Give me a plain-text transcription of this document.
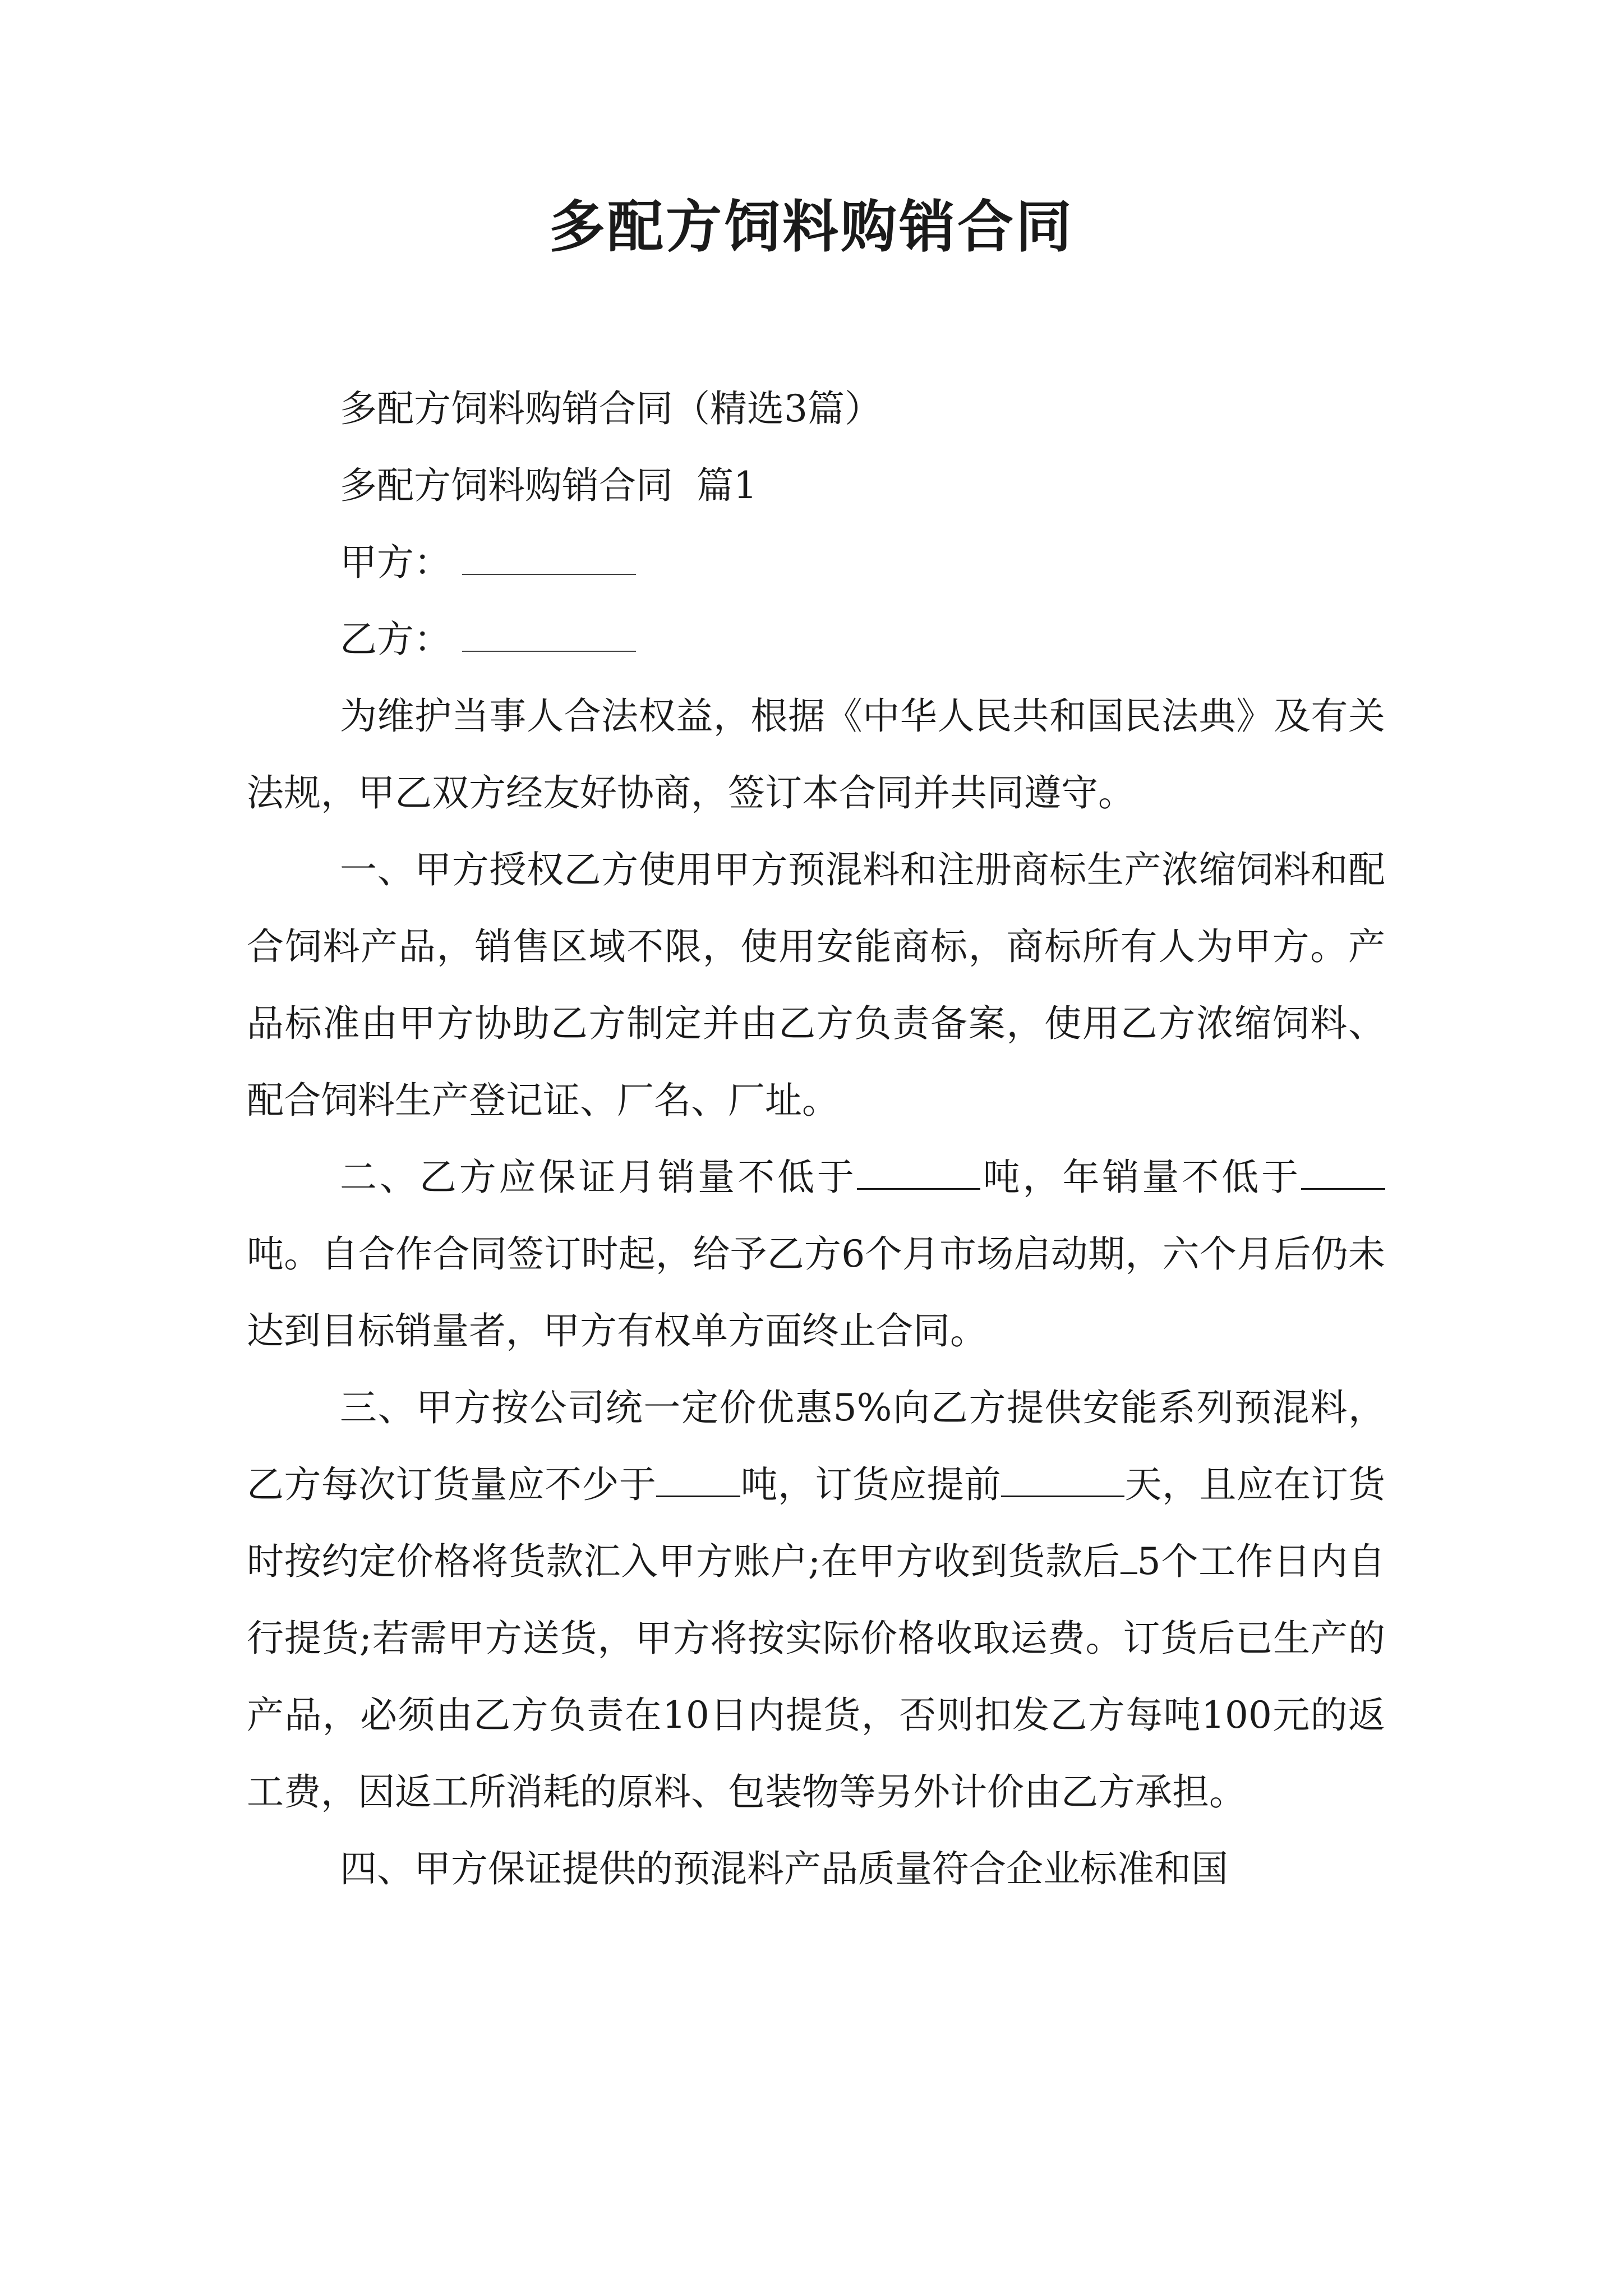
多配方饲料购销合同

多配方饲料购销合同（精选3篇）

多配方饲料购销合同  篇1

甲方：

乙方：

为维护当事人合法权益，根据《中华人民共和国民法典》及有关法规，甲乙双方经友好协商，签订本合同并共同遵守。

一、甲方授权乙方使用甲方预混料和注册商标生产浓缩饲料和配合饲料产品，销售区域不限，使用安能商标，商标所有人为甲方。产品标准由甲方协助乙方制定并由乙方负责备案，使用乙方浓缩饲料、配合饲料生产登记证、厂名、厂址。

二、乙方应保证月销量不低于	吨，年销量不低于吨。自合作合同签订时起，给予乙方6个月市场启动期，六个月后仍未达到目标销量者，甲方有权单方面终止合同。

三、甲方按公司统一定价优惠5%向乙方提供安能系列预混料，乙方每次订货量应不少于 吨，订货应提前	天，且应在订货时按约定价格将货款汇入甲方账户;在甲方收到货款后 5个工作日内自行提货;若需甲方送货，甲方将按实际价格收取运费。订货后已生产的产品，必须由乙方负责在10日内提货，否则扣发乙方每吨100元的返工费，因返工所消耗的原料、包装物等另外计价由乙方承担。

四、甲方保证提供的预混料产品质量符合企业标准和国
